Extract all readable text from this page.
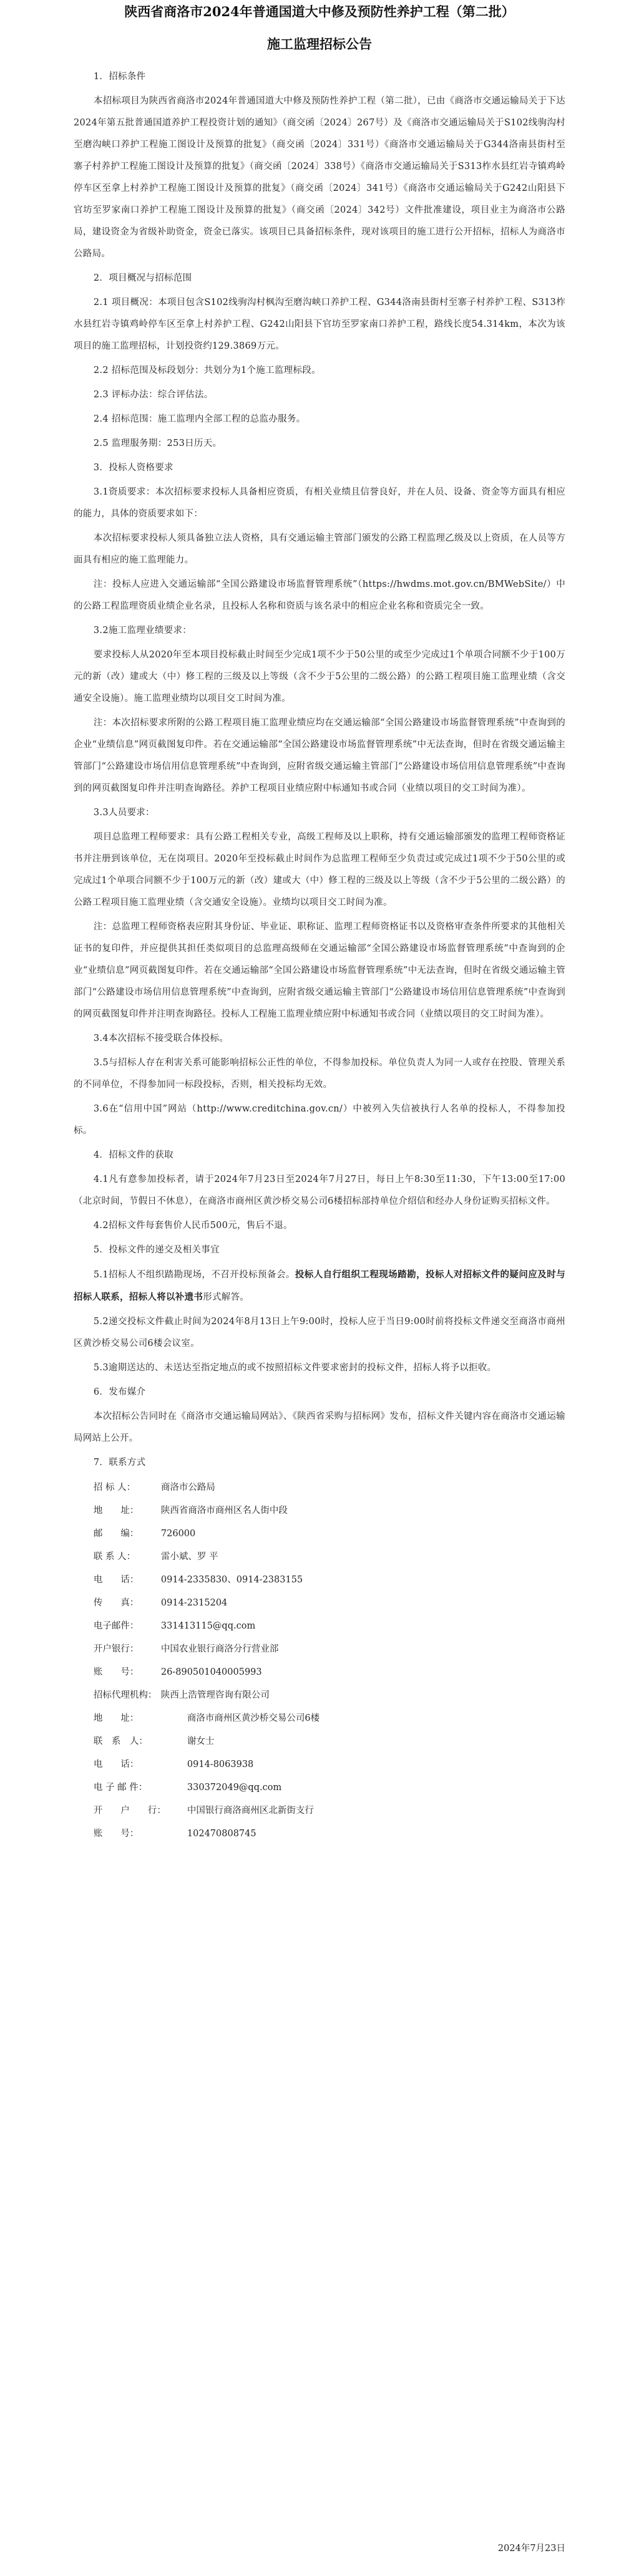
陕西省商洛市2024年普通国道大中修及预防性养护工程（第二批）
施工监理招标公告

1．招标条件

本招标项目为陕西省商洛市2024年普通国道大中修及预防性养护工程（第二批），已由《商洛市交通运输局关于下达2024年第五批普通国道养护工程投资计划的通知》（商交函〔2024〕267号）及《商洛市交通运输局关于S102线驹沟村至磨沟峡口养护工程施工图设计及预算的批复》（商交函〔2024〕331号）《商洛市交通运输局关于G344洛南县街村至寨子村养护工程施工图设计及预算的批复》（商交函〔2024〕338号）《商洛市交通运输局关于S313柞水县红岩寺镇鸡岭停车区至拿上村养护工程施工图设计及预算的批复》（商交函〔2024〕341号）《商洛市交通运输局关于G242山阳县下官坊至罗家南口养护工程施工图设计及预算的批复》（商交函〔2024〕342号）文件批准建设，项目业主为商洛市公路局，建设资金为省级补助资金，资金已落实。该项目已具备招标条件，现对该项目的施工进行公开招标，招标人为商洛市公路局。

2．项目概况与招标范围

2.1 项目概况：本项目包含S102线驹沟村枫沟至磨沟峡口养护工程、G344洛南县街村至寨子村养护工程、S313柞水县红岩寺镇鸡岭停车区至拿上村养护工程、G242山阳县下官坊至罗家南口养护工程，路线长度54.314km，本次为该项目的施工监理招标，计划投资约129.3869万元。

2.2 招标范围及标段划分：共划分为1个施工监理标段。

2.3 评标办法：综合评估法。

2.4 招标范围：施工监理内全部工程的总监办服务。

2.5 监理服务期：253日历天。

3．投标人资格要求

3.1资质要求：本次招标要求投标人具备相应资质，有相关业绩且信誉良好，并在人员、设备、资金等方面具有相应的能力，具体的资质要求如下：

本次招标要求投标人须具备独立法人资格，具有交通运输主管部门颁发的公路工程监理乙级及以上资质，在人员等方面具有相应的施工监理能力。

注：投标人应进入交通运输部“全国公路建设市场监督管理系统”（https://hwdms.mot.gov.cn/BMWebSite/）中的公路工程监理资质业绩企业名录，且投标人名称和资质与该名录中的相应企业名称和资质完全一致。

3.2施工监理业绩要求：

要求投标人从2020年至本项目投标截止时间至少完成1项不少于50公里的或至少完成过1个单项合同额不少于100万元的新（改）建或大（中）修工程的三级及以上等级（含不少于5公里的二级公路）的公路工程项目施工监理业绩（含交通安全设施）。施工监理业绩均以项目交工时间为准。

注：本次招标要求所附的公路工程项目施工监理业绩应均在交通运输部“全国公路建设市场监督管理系统”中查询到的企业“业绩信息”网页截图复印件。若在交通运输部“全国公路建设市场监督管理系统”中无法查询，但时在省级交通运输主管部门“公路建设市场信用信息管理系统”中查询到，应附省级交通运输主管部门“公路建设市场信用信息管理系统”中查询到的网页截图复印件并注明查询路径。养护工程项目业绩应附中标通知书或合同（业绩以项目的交工时间为准）。

3.3人员要求：

项目总监理工程师要求：具有公路工程相关专业，高级工程师及以上职称，持有交通运输部颁发的监理工程师资格证书并注册到该单位，无在岗项目。2020年至投标截止时间作为总监理工程师至少负责过或完成过1项不少于50公里的或完成过1个单项合同额不少于100万元的新（改）建或大（中）修工程的三级及以上等级（含不少于5公里的二级公路）的公路工程项目施工监理业绩（含交通安全设施）。业绩均以项目交工时间为准。

注：总监理工程师资格表应附其身份证、毕业证、职称证、监理工程师资格证书以及资格审查条件所要求的其他相关证书的复印件，并应提供其担任类似项目的总监理高级师在交通运输部“全国公路建设市场监督管理系统”中查询到的企业“业绩信息”网页截图复印件。若在交通运输部“全国公路建设市场监督管理系统”中无法查询，但时在省级交通运输主管部门“公路建设市场信用信息管理系统”中查询到，应附省级交通运输主管部门“公路建设市场信用信息管理系统”中查询到的网页截图复印件并注明查询路径。投标人工程施工监理业绩应附中标通知书或合同（业绩以项目的交工时间为准）。

3.4本次招标不接受联合体投标。

3.5与招标人存在利害关系可能影响招标公正性的单位，不得参加投标。单位负责人为同一人或存在控股、管理关系的不同单位，不得参加同一标段投标，否则，相关投标均无效。

3.6在“信用中国”网站（http://www.creditchina.gov.cn/）中被列入失信被执行人名单的投标人，不得参加投标。

4．招标文件的获取

4.1凡有意参加投标者，请于2024年7月23日至2024年7月27日，每日上午8:30至11:30，下午13:00至17:00（北京时间，节假日不休息），在商洛市商州区黄沙桥交易公司6楼招标部持单位介绍信和经办人身份证购买招标文件。

4.2招标文件每套售价人民币500元，售后不退。

5．投标文件的递交及相关事宜

5.1招标人不组织踏勘现场，不召开投标预备会。投标人自行组织工程现场踏勘，投标人对招标文件的疑问应及时与招标人联系，招标人将以补遗书形式解答。

5.2递交投标文件截止时间为2024年8月13日上午9:00时，投标人应于当日9:00时前将投标文件递交至商洛市商州区黄沙桥交易公司6楼会议室。

5.3逾期送达的、未送达至指定地点的或不按照招标文件要求密封的投标文件，招标人将予以拒收。

6．发布媒介

本次招标公告同时在《商洛市交通运输局网站》、《陕西省采购与招标网》发布，招标文件关键内容在商洛市交通运输局网站上公开。

7．联系方式

招 标 人：	商洛市公路局
地　　址：	陕西省商洛市商州区名人街中段
邮　　编：	726000
联 系 人：	雷小斌、罗 平
电　　话：	0914-2335830、0914-2383155
传　　真：	0914-2315204
电子邮件：	331413115@qq.com
开户银行：	中国农业银行商洛分行营业部
账　　号：	26-890501040005993
招标代理机构： 陕西上浩管理咨询有限公司
地　　址：	商洛市商州区黄沙桥交易公司6楼
联　系　人：	谢女士
电　　话：	0914-8063938
电 子 邮 件：	330372049@qq.com
开　　户　　行：	中国银行商洛商州区北新街支行
账　　号：	102470808745
2024年7月23日
